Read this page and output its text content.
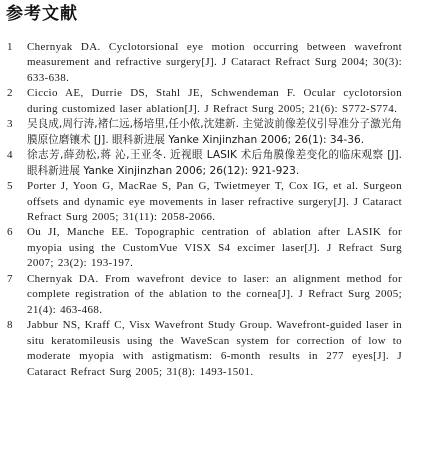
参考文献
1 Chernyak DA. Cyclotorsional eye motion occurring between wavefront measurement and refractive surgery[J]. J Cataract Refract Surg 2004; 30(3): 633-638.
2 Ciccio AE, Durrie DS, Stahl JE, Schwendeman F. Ocular cyclotorsion during customized laser ablation[J]. J Refract Surg 2005; 21(6): S772-S774.
3 吴良成,周行涛,褚仁远,杨培里,任小侬,沈建新. 主觉波前像差仪引导准分子激光角膜原位磨镶术 [J]. 眼科新进展 Yanke Xinjinzhan 2006; 26(1): 34-36.
4 徐志芳,薛劲松,蒋 沁,王亚冬. 近视眼 LASIK 术后角膜像差变化的临床观察 [J]. 眼科新进展 Yanke Xinjinzhan 2006; 26(12): 921-923.
5 Porter J, Yoon G, MacRae S, Pan G, Twietmeyer T, Cox IG, et al. Surgeon offsets and dynamic eye movements in laser refractive surgery[J]. J Cataract Refract Surg 2005; 31(11): 2058-2066.
6 Ou JI, Manche EE. Topographic centration of ablation after LASIK for myopia using the CustomVue VISX S4 excimer laser[J]. J Refract Surg 2007; 23(2): 193-197.
7 Chernyak DA. From wavefront device to laser: an alignment method for complete registration of the ablation to the cornea[J]. J Refract Surg 2005; 21(4): 463-468.
8 Jabbur NS, Kraff C, Visx Wavefront Study Group. Wavefront-guided laser in situ keratomileusis using the WaveScan system for correction of low to moderate myopia with astigmatism: 6-month results in 277 eyes[J]. J Cataract Refract Surg 2005; 31(8): 1493-1501.
